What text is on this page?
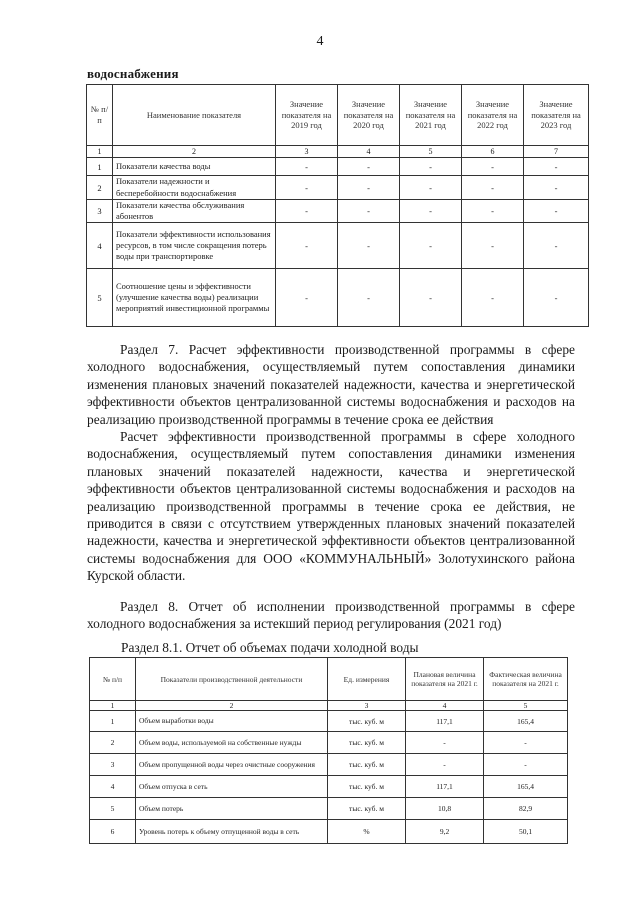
4
водоснабжения
№ п/п	Наименование показателя	Значение показателя на 2019 год	Значение показателя на 2020 год	Значение показателя на 2021 год	Значение показателя на 2022 год	Значение показателя на 2023 год
1	2	3	4	5	6	7
1	Показатели качества воды	-	-	-	-	-
2	Показатели надежности и бесперебойности водоснабжения	-	-	-	-	-
3	Показатели качества обслуживания абонентов	-	-	-	-	-
4	Показатели эффективности использования ресурсов, в том числе сокращения потерь воды при транспортировке	-	-	-	-	-
5	Соотношение цены и эффективности (улучшение качества воды) реализации мероприятий инвестиционной программы	-	-	-	-	-

Раздел 7. Расчет эффективности производственной программы в сфере холодного водоснабжения, осуществляемый путем сопоставления динамики изменения плановых значений показателей надежности, качества и энергетической эффективности объектов централизованной системы водоснабжения и расходов на реализацию производственной программы в течение срока ее действия

Расчет эффективности производственной программы в сфере холодного водоснабжения, осуществляемый путем сопоставления динамики изменения плановых значений показателей надежности, качества и энергетической эффективности объектов централизованной системы водоснабжения и расходов на реализацию производственной программы в течение срока ее действия, не приводится в связи с отсутствием утвержденных плановых значений показателей надежности, качества и энергетической эффективности объектов централизованной системы водоснабжения для ООО «КОММУНАЛЬНЫЙ» Золотухинского района Курской области.

Раздел 8. Отчет об исполнении производственной программы в сфере холодного водоснабжения за истекший период регулирования (2021 год)

Раздел 8.1. Отчет об объемах подачи холодной воды
№ п/п	Показатели производственной деятельности	Ед. измерения	Плановая величина показателя на 2021 г.	Фактическая величина показателя на 2021 г.
1	2	3	4	5
1	Объем выработки воды	тыс. куб. м	117,1	165,4
2	Объем воды, используемой на собственные нужды	тыс. куб. м	-	-
3	Объем пропущенной воды через очистные сооружения	тыс. куб. м	-	-
4	Объем отпуска в сеть	тыс. куб. м	117,1	165,4
5	Объем потерь	тыс. куб. м	10,8	82,9
6	Уровень потерь к объему отпущенной воды в сеть	%	9,2	50,1
